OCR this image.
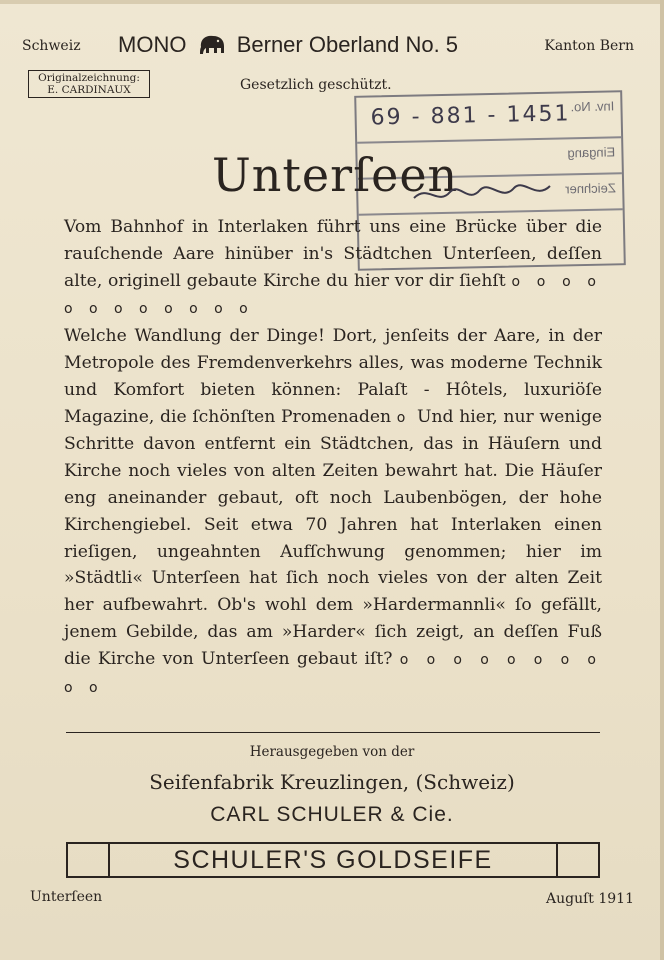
Schweiz MONO Berner Oberland No. 5	Kanton Bern
Originalzeichnung:
E. CARDINAUX	Gesetzlich geschützt.
69 - 881 - 1451 Inv. No.
Eingang
Zeichner
Unterſeen

Vom Bahnhof in Interlaken führt uns eine Brücke über die rauſchende Aare hinüber in's Städtchen Unterſeen, deſſen alte, originell gebaute Kirche du hier vor dir ſiehſt o o o o o o o o o o o o

Welche Wandlung der Dinge! Dort, jenſeits der Aare, in der Metropole des Fremdenverkehrs alles, was moderne Technik und Komfort bieten können: Palaſt - Hôtels, luxuriöſe Magazine, die ſchönſten Promenaden o Und hier, nur wenige Schritte davon entfernt ein Städtchen, das in Häuſern und Kirche noch vieles von alten Zeiten bewahrt hat. Die Häuſer eng aneinander gebaut, oft noch Laubenbögen, der hohe Kirchengiebel. Seit etwa 70 Jahren hat Interlaken einen rieſigen, ungeahnten Aufſchwung genommen; hier im »Städtli« Unterſeen hat ſich noch vieles von der alten Zeit her aufbewahrt. Ob's wohl dem »Hardermannli« ſo gefällt, jenem Gebilde, das am »Harder« ſich zeigt, an deſſen Fuß die Kirche von Unterſeen gebaut iſt? o o o o o o o o o o

Herausgegeben von der
Seifenfabrik Kreuzlingen, (Schweiz)
CARL SCHULER & Cie.
SCHULER'S GOLDSEIFE
Unterſeen	Auguſt 1911
